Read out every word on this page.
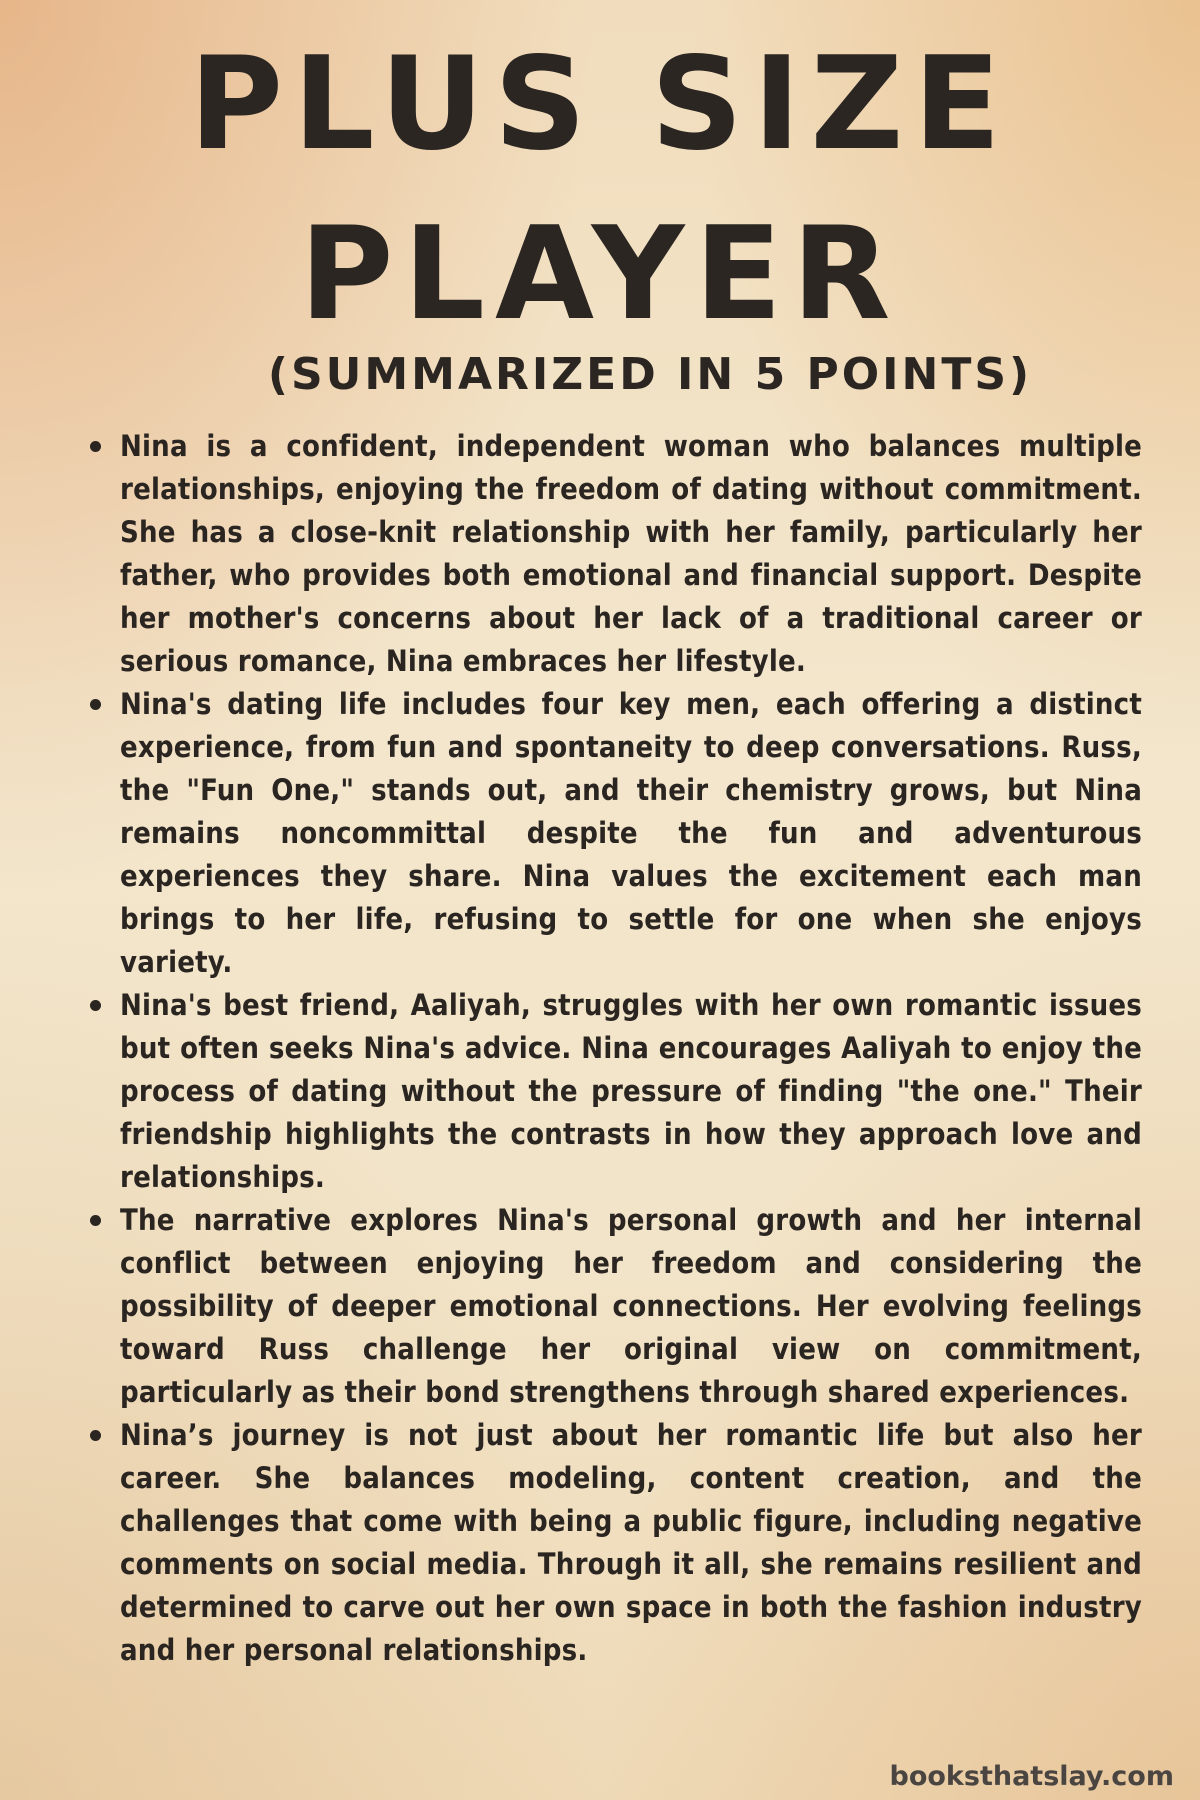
PLUS SIZE
PLAYER
(SUMMARIZED IN 5 POINTS)
Nina is a confident, independent woman who balances multiple relationships, enjoying the freedom of dating without commitment. She has a close-knit relationship with her family, particularly her father, who provides both emotional and financial support. Despite her mother's concerns about her lack of a traditional career or serious romance, Nina embraces her lifestyle.
Nina's dating life includes four key men, each offering a distinct experience, from fun and spontaneity to deep conversations. Russ, the "Fun One," stands out, and their chemistry grows, but Nina remains noncommittal despite the fun and adventurous experiences they share. Nina values the excitement each man brings to her life, refusing to settle for one when she enjoys variety.
Nina's best friend, Aaliyah, struggles with her own romantic issues but often seeks Nina's advice. Nina encourages Aaliyah to enjoy the process of dating without the pressure of finding "the one." Their friendship highlights the contrasts in how they approach love and relationships.
The narrative explores Nina's personal growth and her internal conflict between enjoying her freedom and considering the possibility of deeper emotional connections. Her evolving feelings toward Russ challenge her original view on commitment, particularly as their bond strengthens through shared experiences.
Nina’s journey is not just about her romantic life but also her career. She balances modeling, content creation, and the challenges that come with being a public figure, including negative comments on social media. Through it all, she remains resilient and determined to carve out her own space in both the fashion industry and her personal relationships.
booksthatslay.com
